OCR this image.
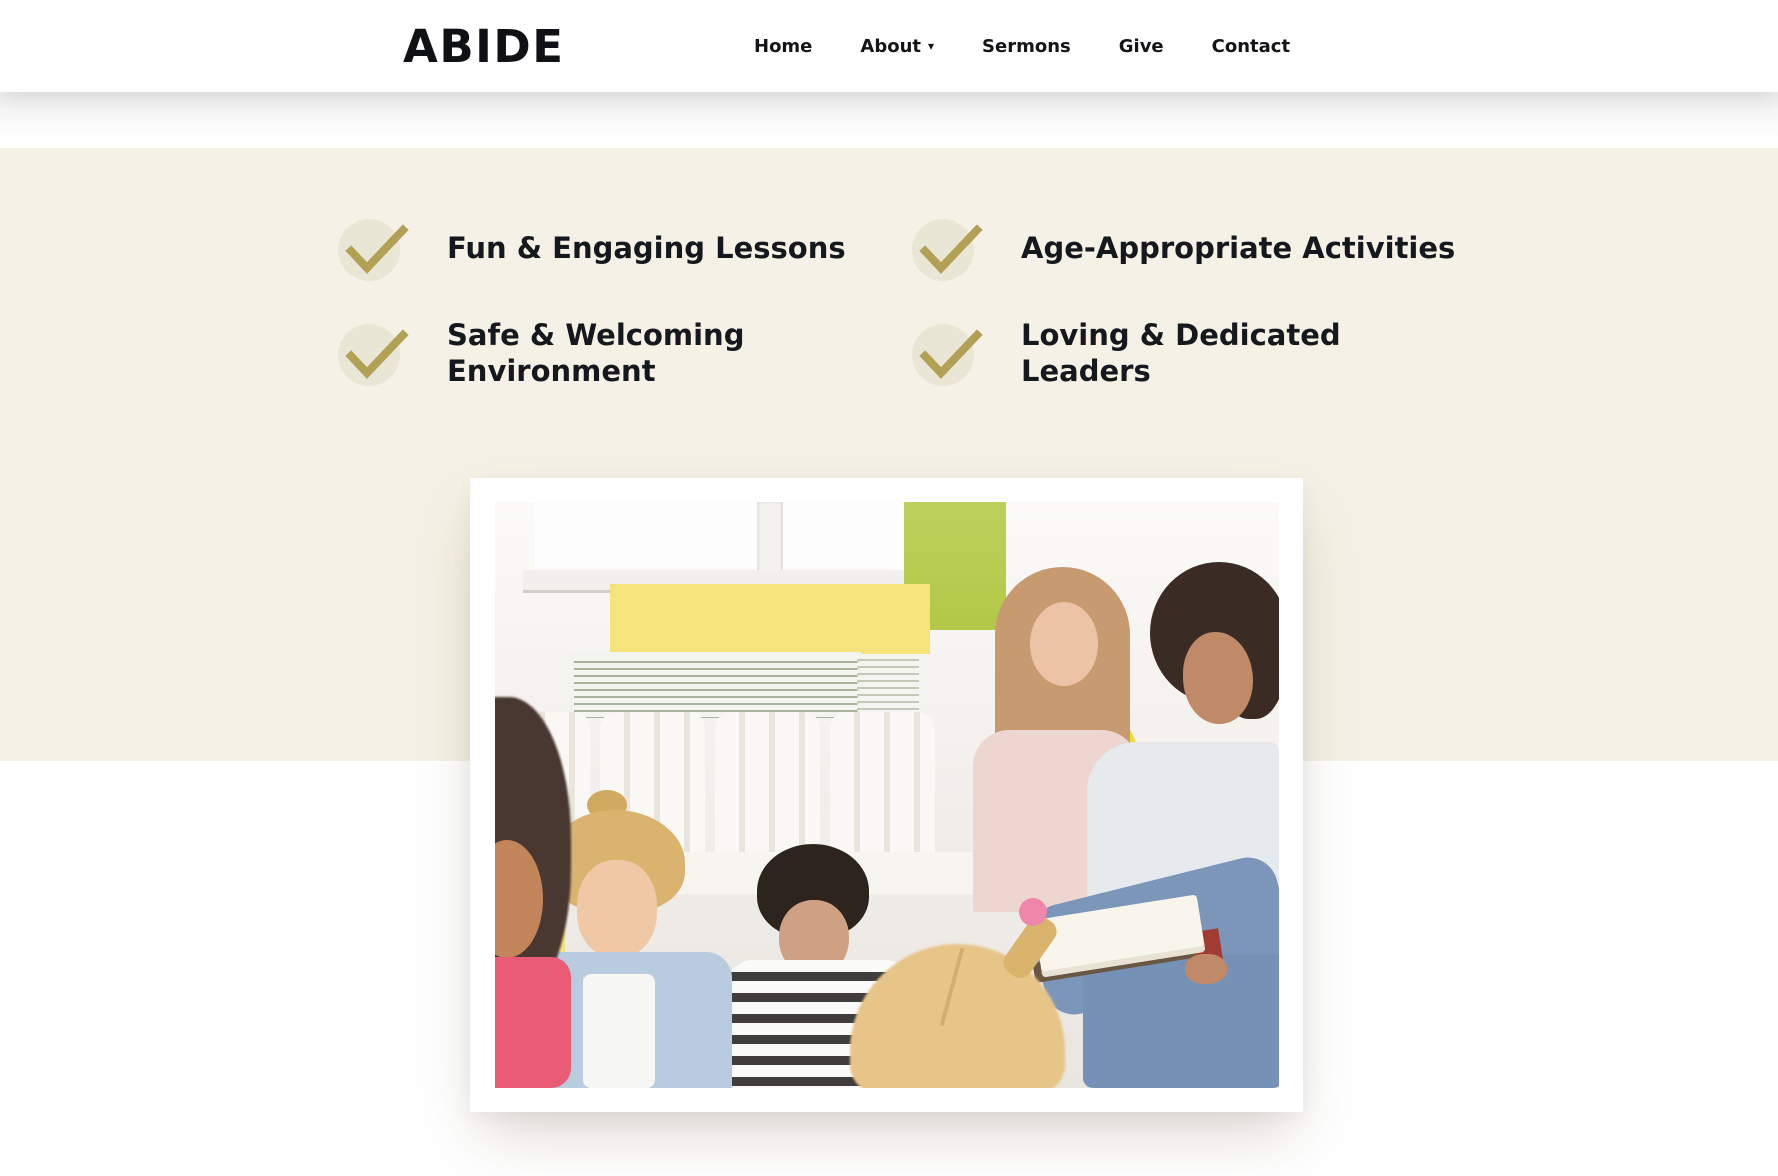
ABIDE	Home	About ▾	Sermons	Give	Contact
Fun & Engaging Lessons	Age-Appropriate Activities
Safe & Welcoming
Environment
Loving & Dedicated
Leaders
